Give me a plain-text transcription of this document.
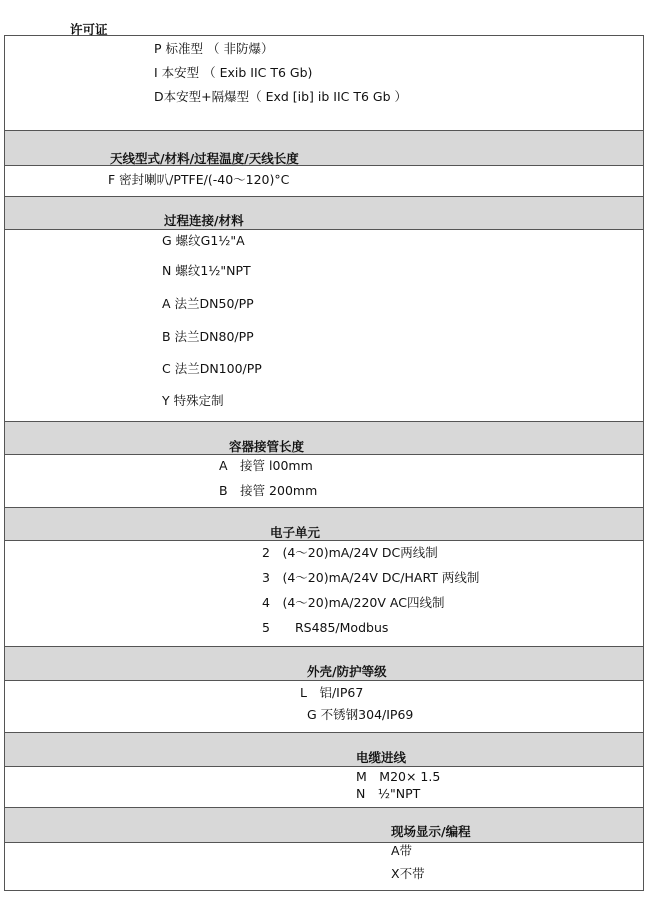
许可证
P 标准型 （ 非防爆）
I 本安型 （ Exib IIC T6 Gb)
D本安型+隔爆型（ Exd [ib] ib IIC T6 Gb ）
天线型式/材料/过程温度/天线长度
F 密封喇叭/PTFE/(-40～120)°C
过程连接/材料
G 螺纹G1½"A
N 螺纹1½"NPT
A 法兰DN50/PP
B 法兰DN80/PP
C 法兰DN100/PP
Y 特殊定制
容器接管长度
A　接管 l00mm
B　接管 200mm
电子单元
2　(4～20)mA/24V DC两线制
3　(4～20)mA/24V DC/HART 两线制
4　(4～20)mA/220V AC四线制
5　　RS485/Modbus
外壳/防护等级
L　铝/IP67
G 不锈钢304/IP69
电缆进线
M　M20× 1.5
N　½"NPT
现场显示/编程
A带
X不带
